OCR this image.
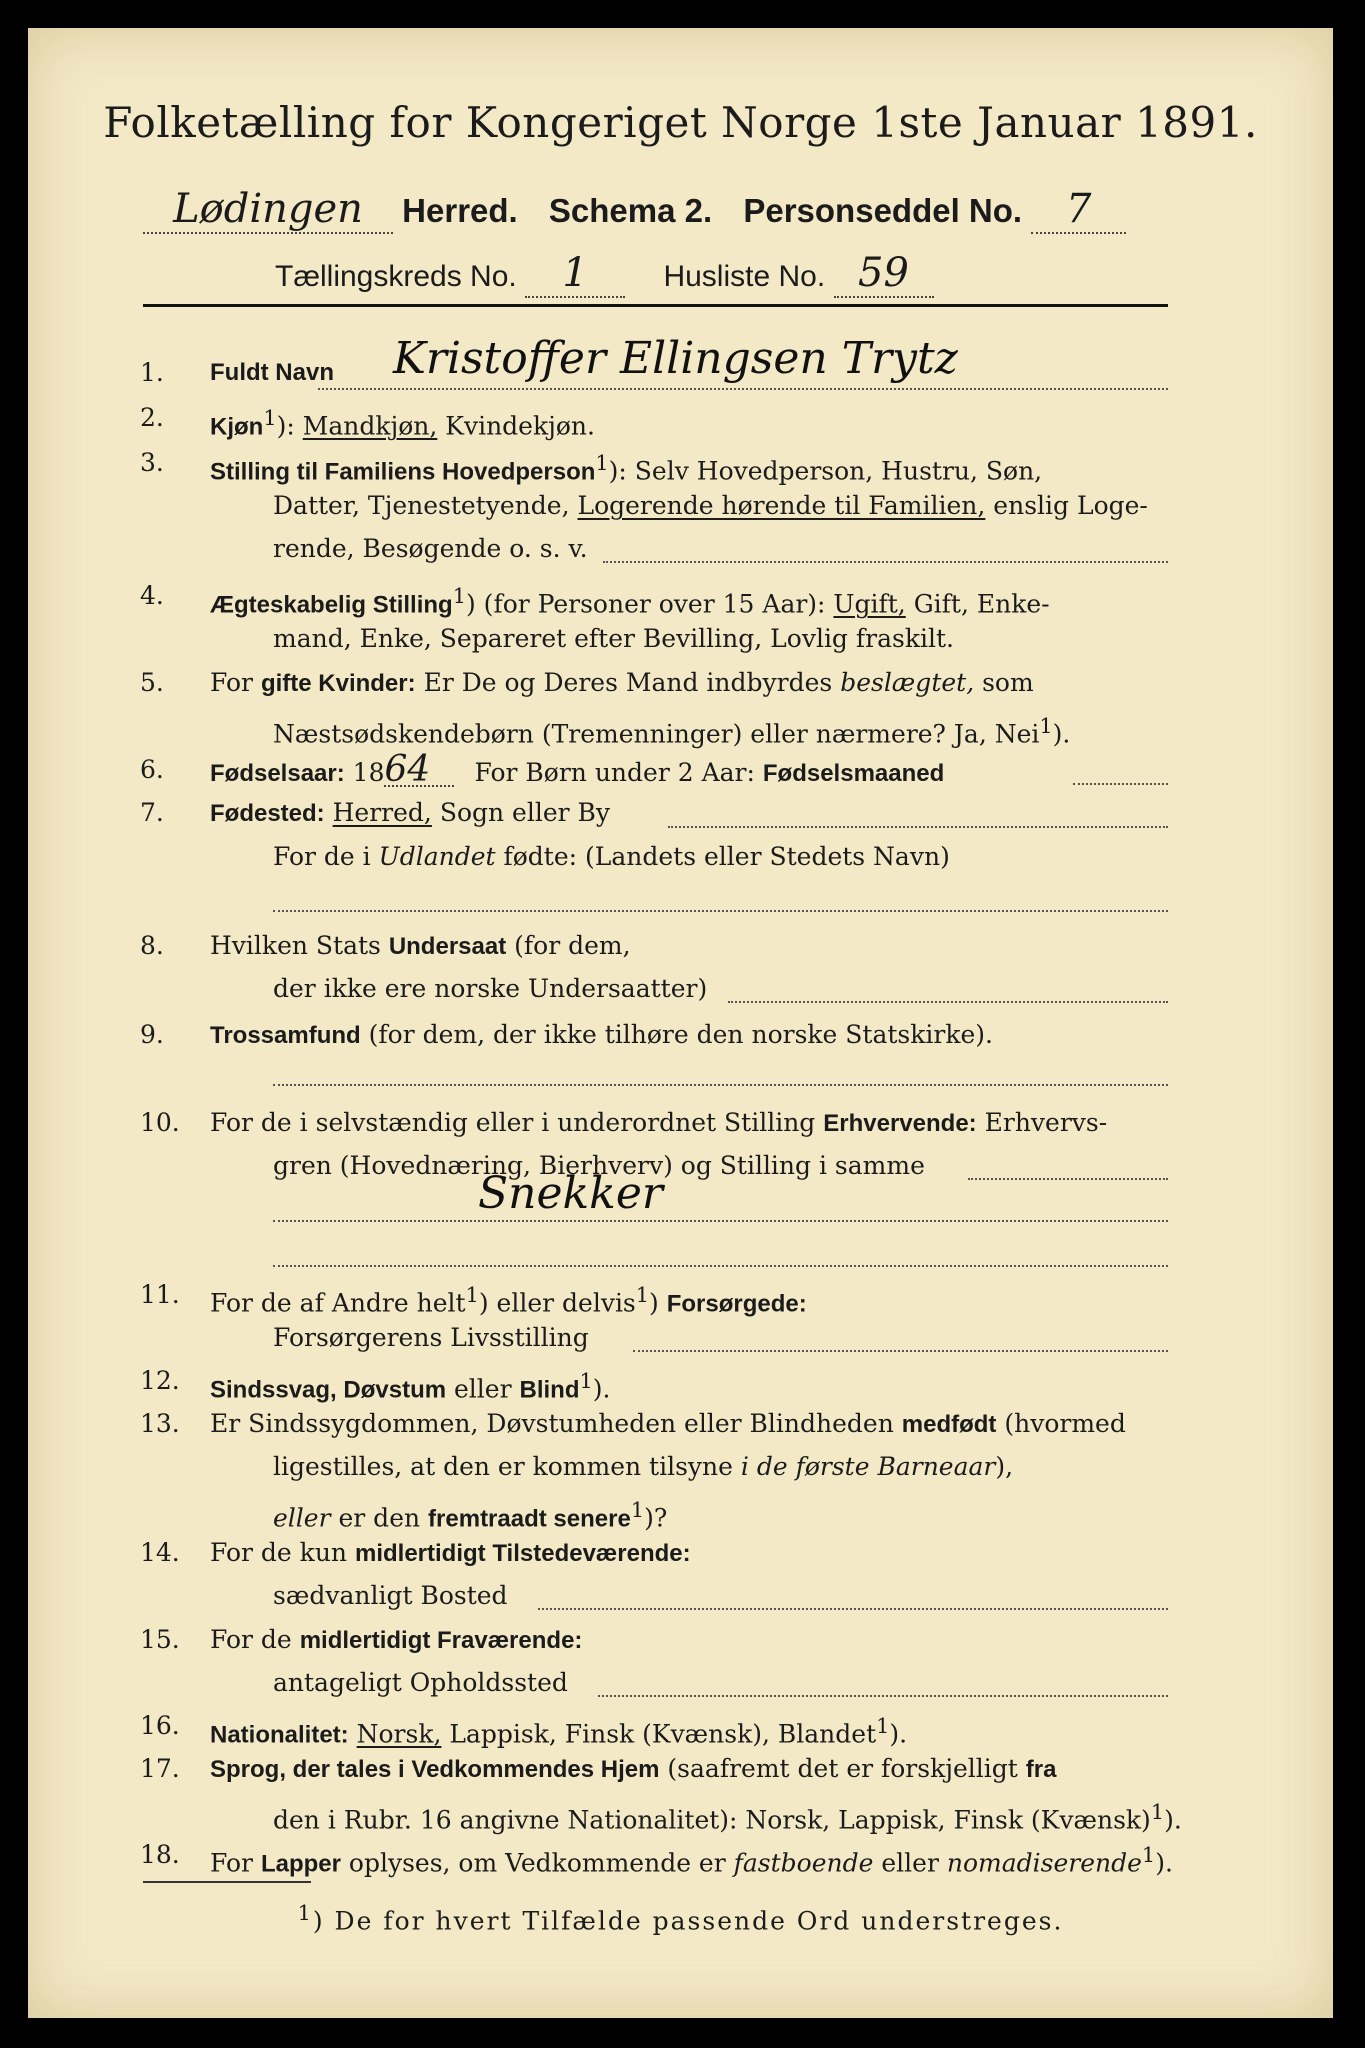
Folketælling for Kongeriget Norge 1ste Januar 1891.
Lødingen Herred. Schema 2. Personseddel No. 7
Tællingskreds No. 1	Husliste No. 59
1.	Fuldt Navn Kristoffer Ellingsen Trytz
2.	Kjøn$^1$): Mandkjøn, Kvindekjøn.
3.	Stilling til Familiens Hovedperson$^1$): Selv Hovedperson, Hustru, Søn,
Datter, Tjenestetyende, Logerende hørende til Familien, enslig Loge-
rende, Besøgende o. s. v.
4.	Ægteskabelig Stilling$^1$) (for Personer over 15 Aar): Ugift, Gift, Enke-
mand, Enke, Separeret efter Bevilling, Lovlig fraskilt.
5.	For gifte Kvinder: Er De og Deres Mand indbyrdes beslægtet, som
Næstsødskendebørn (Tremenninger) eller nærmere? Ja, Nei$^1$).
6.	Fødselsaar: 1864 For Børn under 2 Aar: Fødselsmaaned
7.	Fødested: Herred, Sogn eller By
For de i Udlandet fødte: (Landets eller Stedets Navn)
8.	Hvilken Stats Undersaat (for dem,
der ikke ere norske Undersaatter)
9.	Trossamfund (for dem, der ikke tilhøre den norske Statskirke).
10.	For de i selvstændig eller i underordnet Stilling Erhvervende: Erhvervs-
gren (Hovednæring, Bierhverv) og Stilling i samme
Snekker
11.	For de af Andre helt$^1$) eller delvis$^1$) Forsørgede:
Forsørgerens Livsstilling
12.	Sindssvag, Døvstum eller Blind$^1$).
13.	Er Sindssygdommen, Døvstumheden eller Blindheden medfødt (hvormed
ligestilles, at den er kommen tilsyne i de første Barneaar),
eller er den fremtraadt senere$^1$)?
14.	For de kun midlertidigt Tilstedeværende:
sædvanligt Bosted
15.	For de midlertidigt Fraværende:
antageligt Opholdssted
16.	Nationalitet: Norsk, Lappisk, Finsk (Kvænsk), Blandet$^1$).
17.	Sprog, der tales i Vedkommendes Hjem (saafremt det er forskjelligt fra
den i Rubr. 16 angivne Nationalitet): Norsk, Lappisk, Finsk (Kvænsk)$^1$).
18.	For Lapper oplyses, om Vedkommende er fastboende eller nomadiserende$^1$).
$^1$) De for hvert Tilfælde passende Ord understreges.
